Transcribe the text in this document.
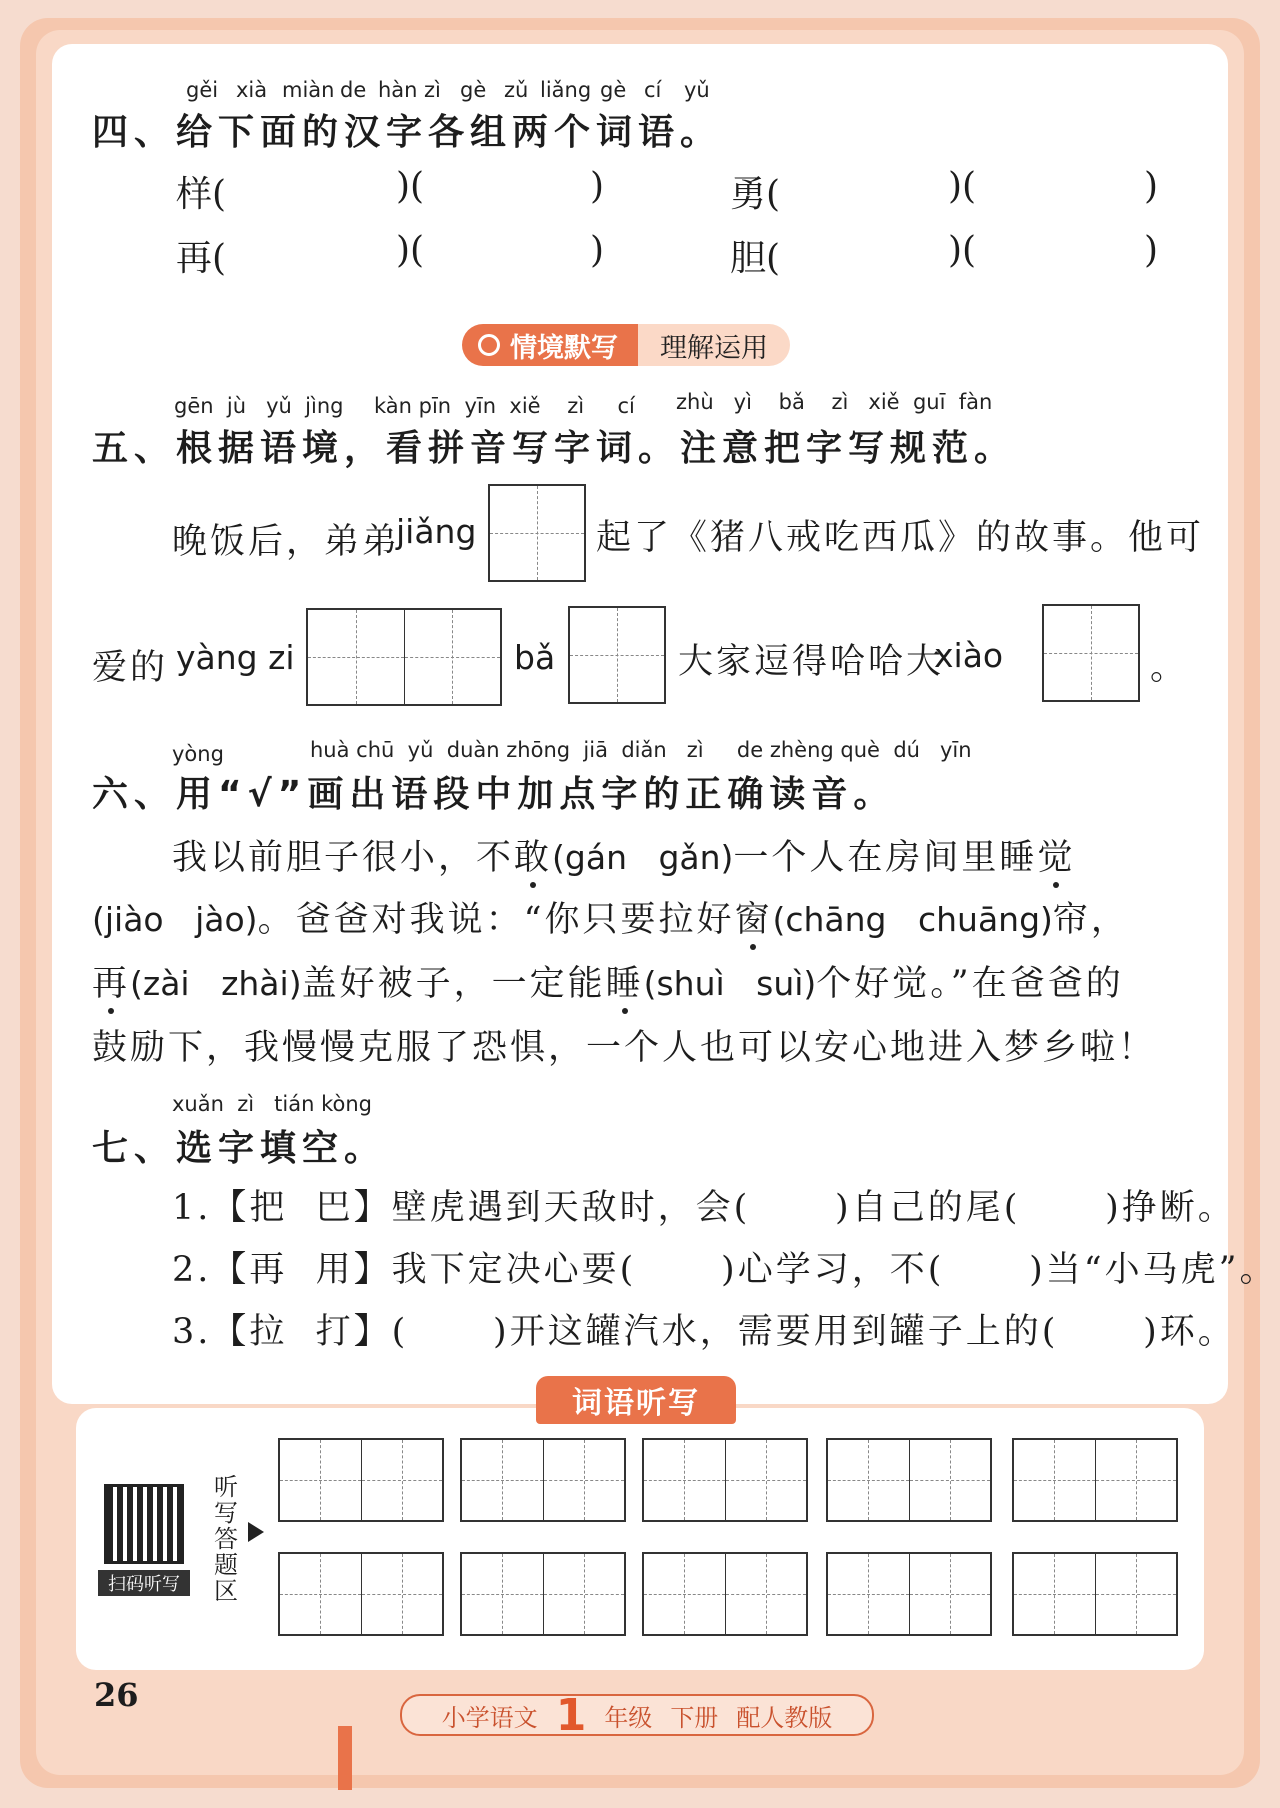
gěi xià miàn de hàn zì gè zǔ liǎng gè cí yǔ
四、给下面的汉字各组两个词语。
样(	)(	)	勇(	)(	)
再(	)(	)	胆(	)(	)
情境默写	理解运用
gēn  jù   yǔ  jìng kàn pīn  yīn  xiě    zì     cí zhù   yì    bǎ    zì   xiě  guī  fàn
五、根据语境，看拼音写字词。注意把字写规范。
晚饭后，弟弟
jiǎng	起了《猪八戒吃西瓜》的故事。他可
爱的 yàng zi	bǎ	大家逗得哈哈大
xiào	。
yòng	huà chū  yǔ  duàn zhōng  jiā  diǎn   zì     de zhèng què  dú   yīn
六、用“√”画出语段中加点字的正确读音。
我以前胆子很小，不敢(gán   gǎn)一个人在房间里睡觉
(jiào   jào)。爸爸对我说：“你只要拉好窗(chāng   chuāng)帘，
再(zài   zhài)盖好被子，一定能睡(shuì   suì)个好觉。”在爸爸的
鼓励下，我慢慢克服了恐惧，一个人也可以安心地进入梦乡啦！
xuǎn  zì   tián kòng
七、选字填空。
1.【把  巴】壁虎遇到天敌时，会(      )自己的尾(      )挣断。
2.【再  用】我下定决心要(      )心学习，不(      )当“小马虎”。
3.【拉  打】(      )开这罐汽水，需要用到罐子上的(      )环。
词语听写
扫码听写
听写答题区
26
小学语文 1 年级 下册 配人教版
